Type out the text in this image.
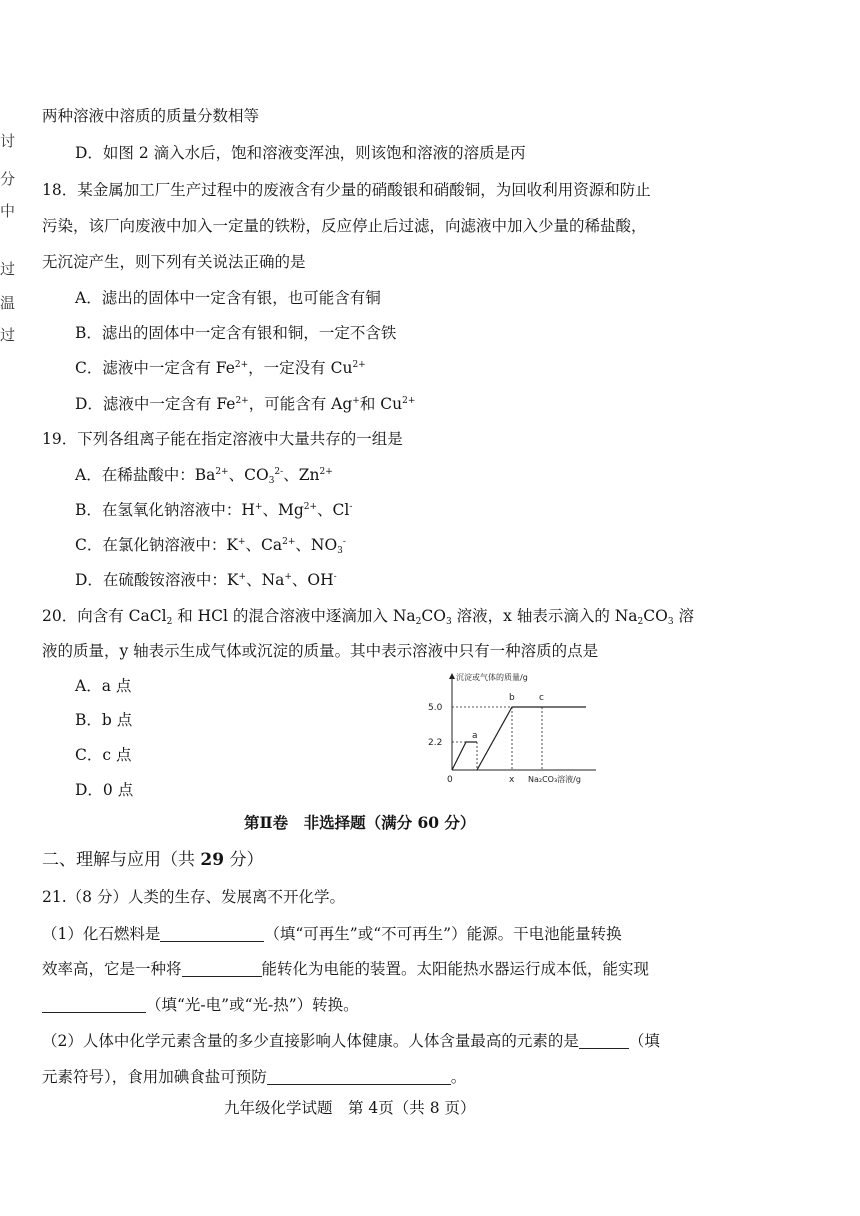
讨
分
中
过
温
过
两种溶液中溶质的质量分数相等
D．如图 2 滴入水后，饱和溶液变浑浊，则该饱和溶液的溶质是丙
18．某金属加工厂生产过程中的废液含有少量的硝酸银和硝酸铜，为回收利用资源和防止
污染，该厂向废液中加入一定量的铁粉，反应停止后过滤，向滤液中加入少量的稀盐酸，
无沉淀产生，则下列有关说法正确的是
A．滤出的固体中一定含有银，也可能含有铜
B．滤出的固体中一定含有银和铜，一定不含铁
C．滤液中一定含有 $Fe^{2+}$，一定没有 $Cu^{2+}$
D．滤液中一定含有 $Fe^{2+}$，可能含有 Ag+和 $Cu^{2+}$
19．下列各组离子能在指定溶液中大量共存的一组是
A．在稀盐酸中：$Ba^{2+}$、$CO_3^{2-}$、$Zn^{2+}$
B．在氢氧化钠溶液中：H+、$Mg^{2+}$、Cl-
C．在氯化钠溶液中：K+、$Ca^{2+}$、$NO_3^-$
D．在硫酸铵溶液中：K+、Na+、OH-
20．向含有 CaCl$_2$ 和 HCl 的混合溶液中逐滴加入 $Na_2CO_3$ 溶液，x 轴表示滴入的 $Na_2CO_3$ 溶
液的质量，y 轴表示生成气体或沉淀的质量。其中表示溶液中只有一种溶质的点是
A．a 点
B．b 点
C．c 点
D．0 点
沉淀或气体的质量/g
5.0
2.2
0	x Na₂CO₃溶液/g
a
b	c
第Ⅱ卷　非选择题（满分 60 分）
二、理解与应用（共 29 分）
21.（8 分）人类的生存、发展离不开化学。
（1）化石燃料是	（填“可再生”或“不可再生”）能源。干电池能量转换
效率高，它是一种将	能转化为电能的装置。太阳能热水器运行成本低，能实现
（填“光-电”或“光-热”）转换。
（2）人体中化学元素含量的多少直接影响人体健康。人体含量最高的元素的是	（填
元素符号），食用加碘食盐可预防	。
九年级化学试题　第 4页（共 8 页）
